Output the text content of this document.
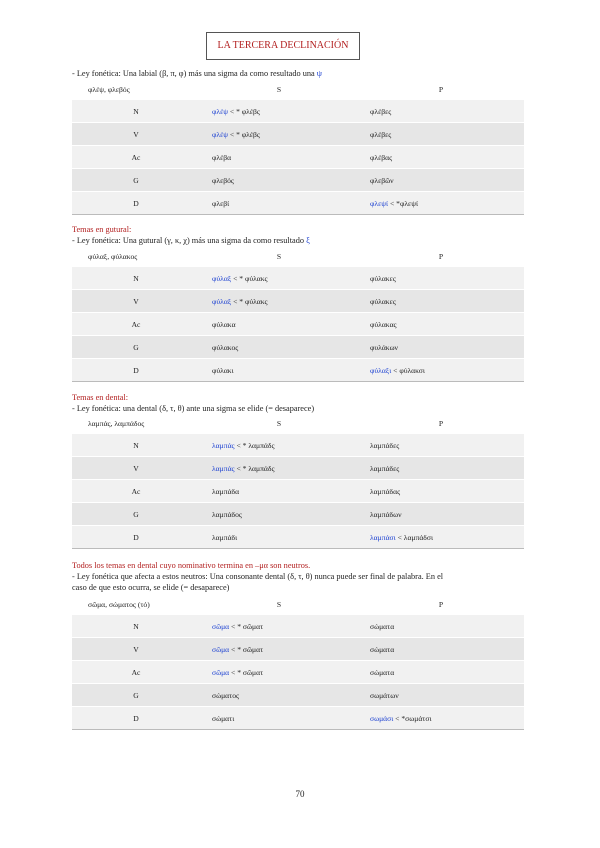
LA TERCERA DECLINACIÓN
- Ley fonética: Una labial (β, π, φ) más una sigma da como resultado una ψ
φλέψ, φλεβός	S	P
N	φλέψ < * φλέβς	φλέβες
V	φλέψ < * φλέβς	φλέβες
Ac	φλέβα	φλέβας
G	φλεβός	φλεβῶν
D	φλεβί	φλεψί < *φλεψί
Temas en gutural:
- Ley fonética: Una gutural (γ, κ, χ) más una sigma da como resultado ξ
φύλαξ, φύλακος	S	P
N	φύλαξ < * φύλακς	φύλακες
V	φύλαξ < * φύλακς	φύλακες
Ac	φύλακα	φύλακας
G	φύλακος	φυλάκων
D	φύλακι	φύλαξι < φύλακσι
Temas en dental:
- Ley fonética: una dental (δ, τ, θ) ante una sigma se elide (= desaparece)
λαμπάς, λαμπάδος	S	P
N	λαμπάς < * λαμπάδς	λαμπάδες
V	λαμπάς < * λαμπάδς	λαμπάδες
Ac	λαμπάδα	λαμπάδας
G	λαμπάδος	λαμπάδων
D	λαμπάδι	λαμπάσι < λαμπάδσι
Todos los temas en dental cuyo nominativo termina en –μα son neutros.
- Ley fonética que afecta a estos neutros: Una consonante dental (δ, τ, θ) nunca puede ser final de palabra. En el
caso de que esto ocurra, se elide (= desaparece)
σῶμα, σώματος (τό)	S	P
N	σῶμα < * σῶματ	σώματα
V	σῶμα < * σῶματ	σώματα
Ac	σῶμα < * σῶματ	σώματα
G	σώματος	σωμάτων
D	σώματι	σωμάσι < *σωμάτσι
70
